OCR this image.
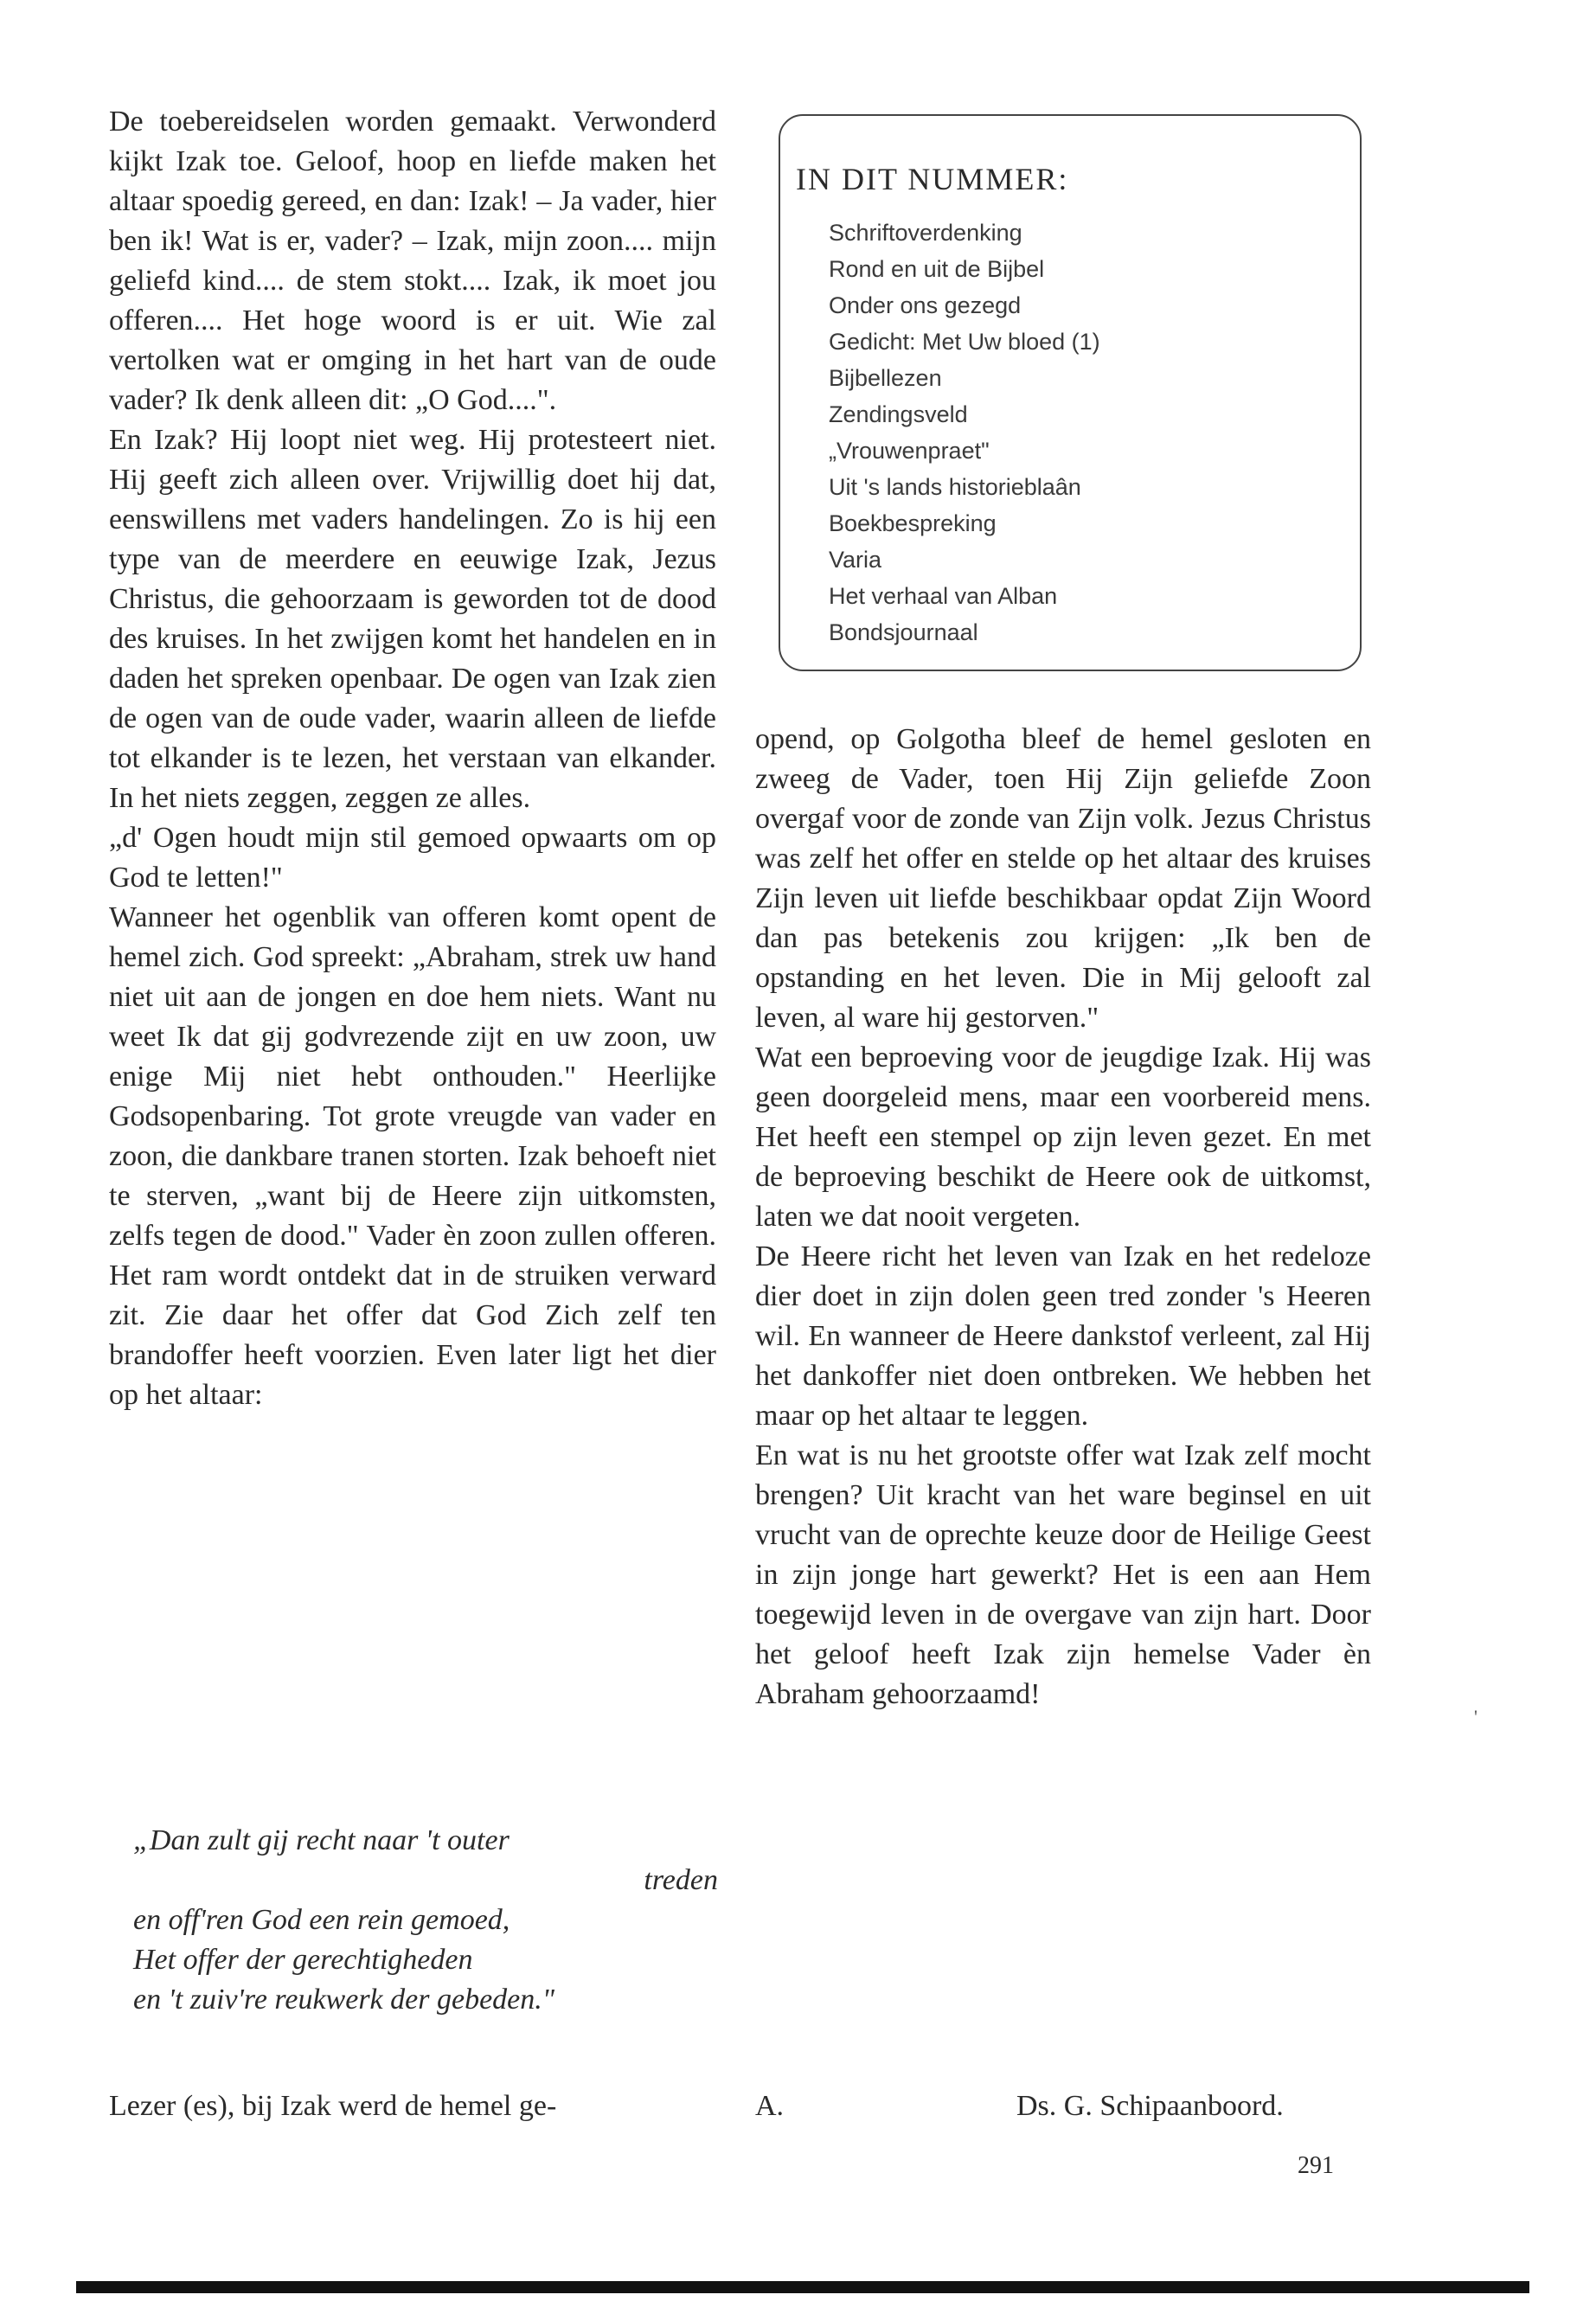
De toebereidselen worden gemaakt. Verwonderd kijkt Izak toe. Geloof, hoop en liefde maken het altaar spoedig gereed, en dan: Izak! – Ja vader, hier ben ik! Wat is er, vader? – Izak, mijn zoon.... mijn geliefd kind.... de stem stokt.... Izak, ik moet jou offeren.... Het hoge woord is er uit. Wie zal vertolken wat er omging in het hart van de oude vader? Ik denk alleen dit: „O God....".

En Izak? Hij loopt niet weg. Hij protesteert niet. Hij geeft zich alleen over. Vrijwillig doet hij dat, eenswillens met vaders handelingen. Zo is hij een type van de meerdere en eeuwige Izak, Jezus Christus, die gehoorzaam is geworden tot de dood des kruises. In het zwijgen komt het handelen en in daden het spreken openbaar. De ogen van Izak zien de ogen van de oude vader, waarin alleen de liefde tot elkander is te lezen, het verstaan van elkander. In het niets zeggen, zeggen ze alles.

„d' Ogen houdt mijn stil gemoed opwaarts om op God te letten!"

Wanneer het ogenblik van offeren komt opent de hemel zich. God spreekt: „Abraham, strek uw hand niet uit aan de jongen en doe hem niets. Want nu weet Ik dat gij godvrezende zijt en uw zoon, uw enige Mij niet hebt onthouden." Heerlijke Godsopenbaring. Tot grote vreugde van vader en zoon, die dankbare tranen storten. Izak behoeft niet te sterven, „want bij de Heere zijn uitkomsten, zelfs tegen de dood." Vader èn zoon zullen offeren. Het ram wordt ontdekt dat in de struiken verward zit. Zie daar het offer dat God Zich zelf ten brandoffer heeft voorzien. Even later ligt het dier op het altaar:

„Dan zult gij recht naar 't outer
treden
en off'ren God een rein gemoed,
Het offer der gerechtigheden
en 't zuiv're reukwerk der gebeden."
Lezer (es), bij Izak werd de hemel ge-
IN DIT NUMMER:
Schriftoverdenking
Rond en uit de Bijbel
Onder ons gezegd
Gedicht: Met Uw bloed (1)
Bijbellezen
Zendingsveld
„Vrouwenpraet"
Uit 's lands historieblaân
Boekbespreking
Varia
Het verhaal van Alban
Bondsjournaal

opend, op Golgotha bleef de hemel gesloten en zweeg de Vader, toen Hij Zijn geliefde Zoon overgaf voor de zonde van Zijn volk. Jezus Christus was zelf het offer en stelde op het altaar des kruises Zijn leven uit liefde beschikbaar opdat Zijn Woord dan pas betekenis zou krijgen: „Ik ben de opstanding en het leven. Die in Mij gelooft zal leven, al ware hij gestorven."

Wat een beproeving voor de jeugdige Izak. Hij was geen doorgeleid mens, maar een voorbereid mens. Het heeft een stempel op zijn leven gezet. En met de beproeving beschikt de Heere ook de uitkomst, laten we dat nooit vergeten.

De Heere richt het leven van Izak en het redeloze dier doet in zijn dolen geen tred zonder 's Heeren wil. En wanneer de Heere dankstof verleent, zal Hij het dankoffer niet doen ontbreken. We hebben het maar op het altaar te leggen.

En wat is nu het grootste offer wat Izak zelf mocht brengen? Uit kracht van het ware beginsel en uit vrucht van de oprechte keuze door de Heilige Geest in zijn jonge hart gewerkt? Het is een aan Hem toegewijd leven in de overgave van zijn hart. Door het geloof heeft Izak zijn hemelse Vader èn Abraham gehoorzaamd!

A.	Ds. G. Schipaanboord.
291
'
